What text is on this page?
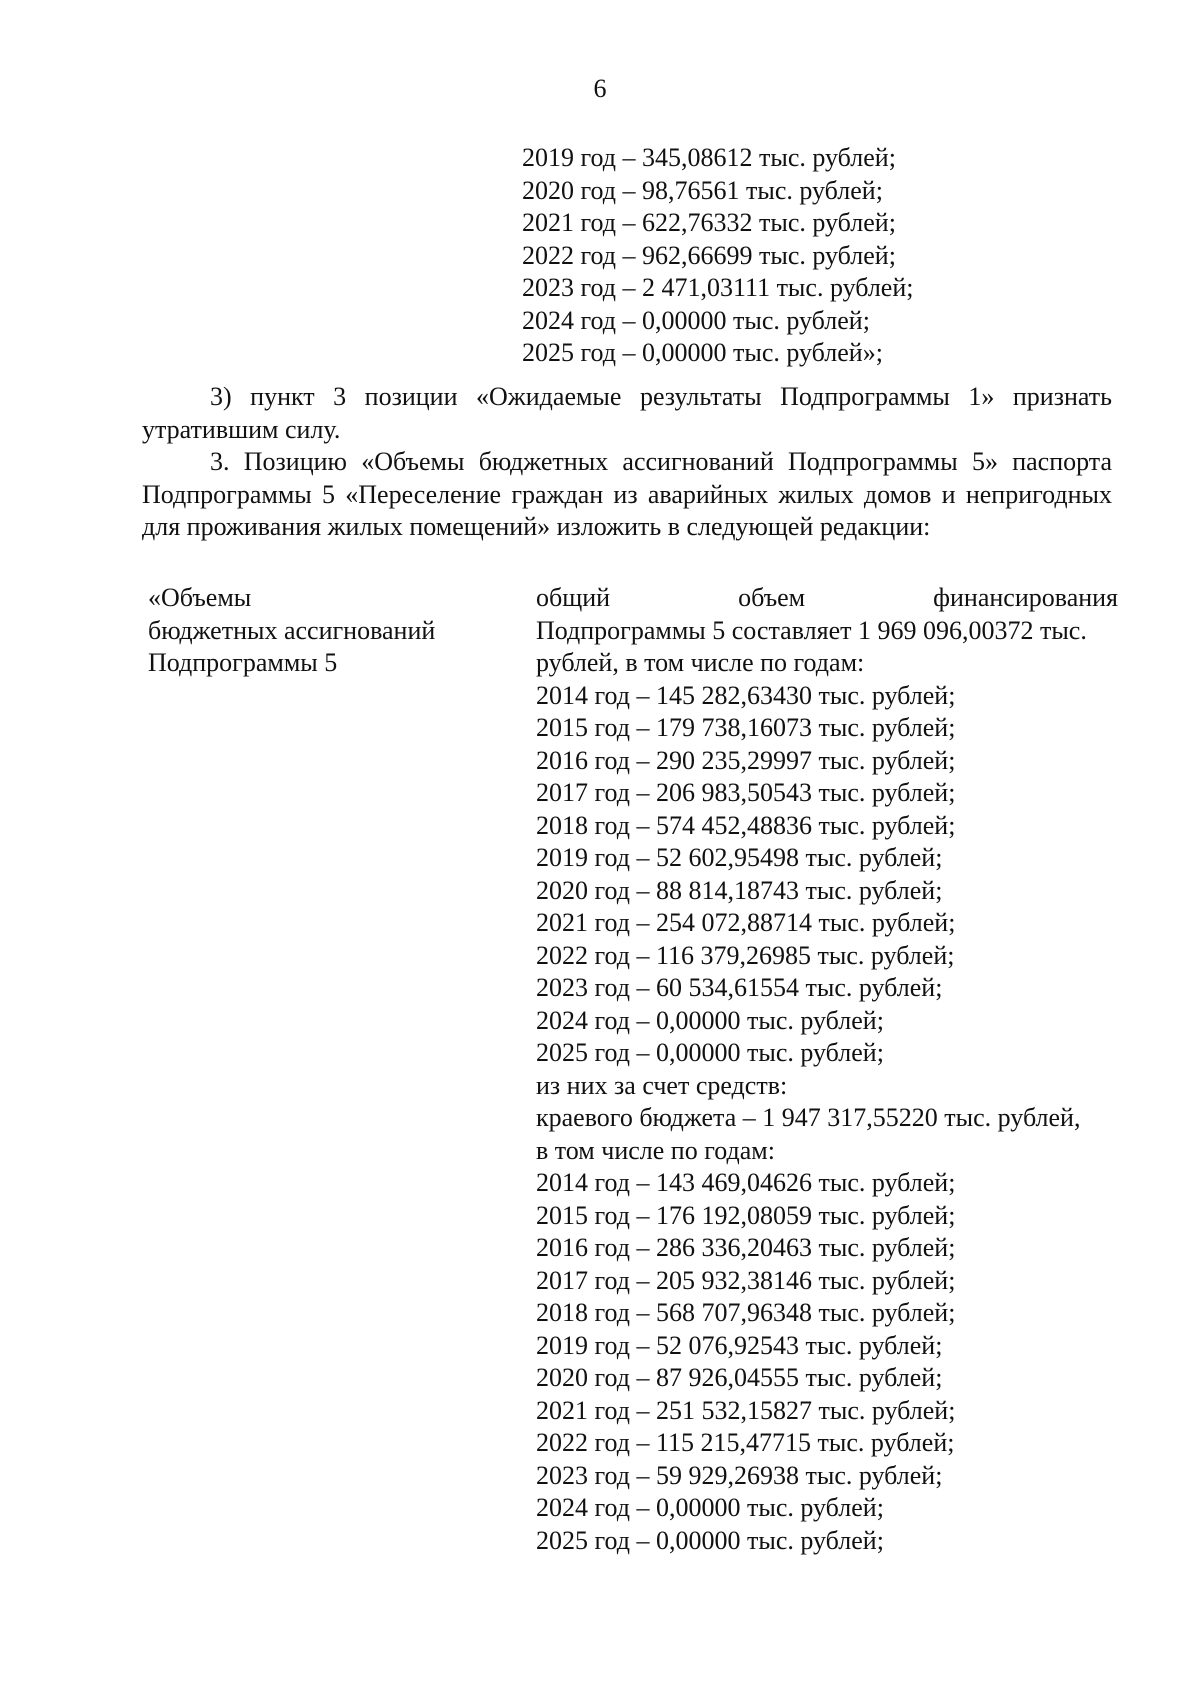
6
2019 год – 345,08612 тыс. рублей;
2020 год – 98,76561 тыс. рублей;
2021 год – 622,76332 тыс. рублей;
2022 год – 962,66699 тыс. рублей;
2023 год – 2 471,03111 тыс. рублей;
2024 год – 0,00000 тыс. рублей;
2025 год – 0,00000 тыс. рублей»;

3) пункт 3 позиции «Ожидаемые результаты Подпрограммы 1» признать утратившим силу.

3. Позицию «Объемы бюджетных ассигнований Подпрограммы 5» паспорта Подпрограммы 5 «Переселение граждан из аварийных жилых домов и непригодных для проживания жилых помещений» изложить в следующей редакции:

«Объемы
бюджетных ассигнований
Подпрограммы 5
общий	объем	финансирования
Подпрограммы 5 составляет 1 969 096,00372 тыс.
рублей, в том числе по годам:
2014 год – 145 282,63430 тыс. рублей;
2015 год – 179 738,16073 тыс. рублей;
2016 год – 290 235,29997 тыс. рублей;
2017 год – 206 983,50543 тыс. рублей;
2018 год – 574 452,48836 тыс. рублей;
2019 год – 52 602,95498 тыс. рублей;
2020 год – 88 814,18743 тыс. рублей;
2021 год – 254 072,88714 тыс. рублей;
2022 год – 116 379,26985 тыс. рублей;
2023 год – 60 534,61554 тыс. рублей;
2024 год – 0,00000 тыс. рублей;
2025 год – 0,00000 тыс. рублей;
из них за счет средств:
краевого бюджета – 1 947 317,55220 тыс. рублей,
в том числе по годам:
2014 год – 143 469,04626 тыс. рублей;
2015 год – 176 192,08059 тыс. рублей;
2016 год – 286 336,20463 тыс. рублей;
2017 год – 205 932,38146 тыс. рублей;
2018 год – 568 707,96348 тыс. рублей;
2019 год – 52 076,92543 тыс. рублей;
2020 год – 87 926,04555 тыс. рублей;
2021 год – 251 532,15827 тыс. рублей;
2022 год – 115 215,47715 тыс. рублей;
2023 год – 59 929,26938 тыс. рублей;
2024 год – 0,00000 тыс. рублей;
2025 год – 0,00000 тыс. рублей;
